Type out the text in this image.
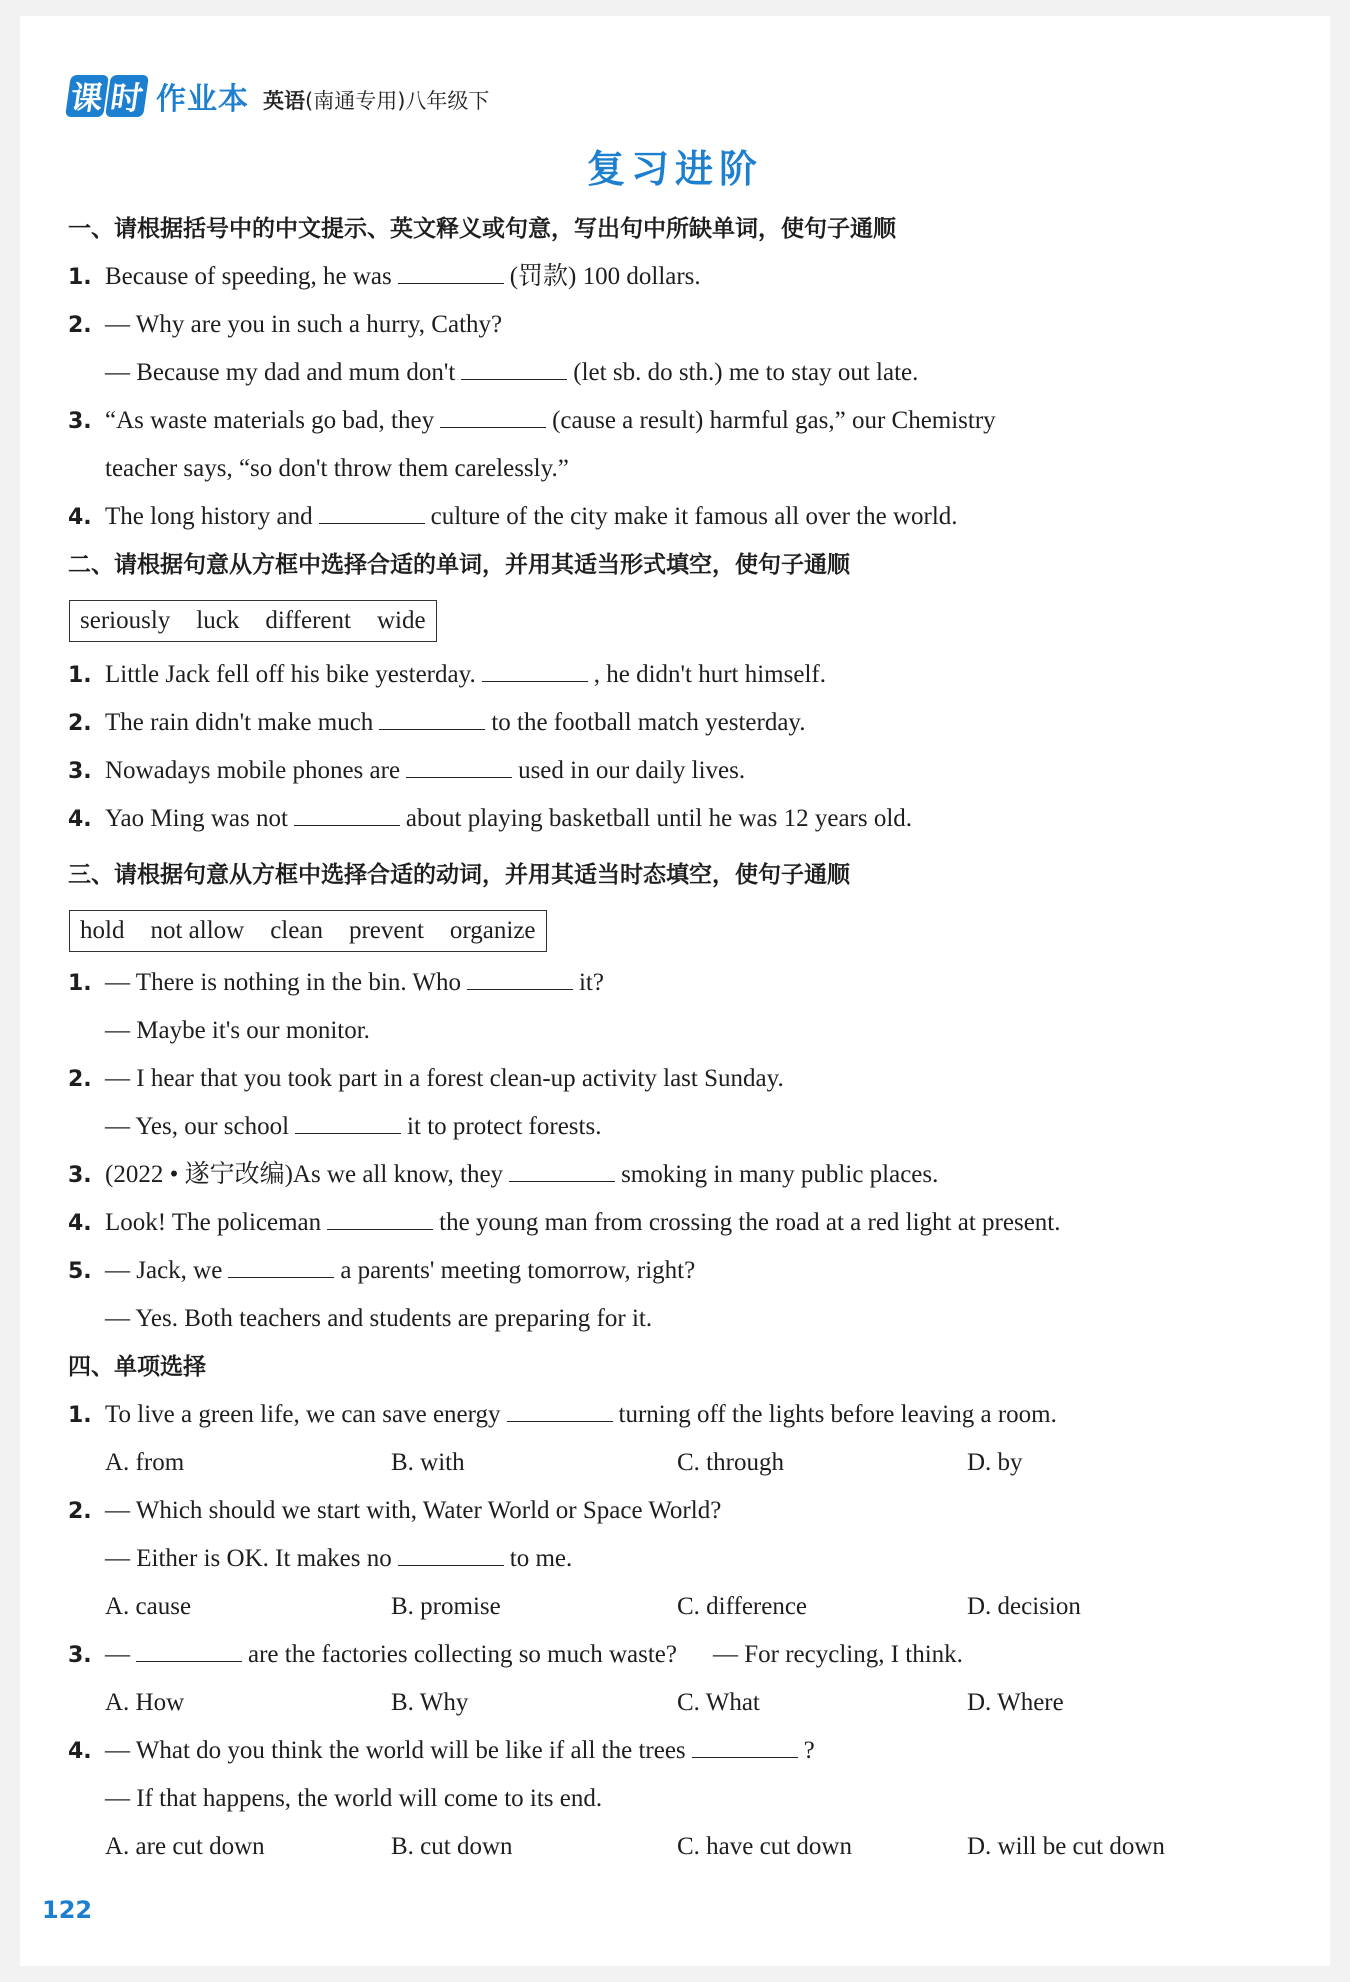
课 时 作业本 英语(南通专用)八年级下
复习进阶
一、请根据括号中的中文提示、英文释义或句意，写出句中所缺单词，使句子通顺
1. Because of speeding, he was	(罚款) 100 dollars.
2. — Why are you in such a hurry, Cathy?
— Because my dad and mum don't	(let sb. do sth.) me to stay out late.
3. “As waste materials go bad, they	(cause a result) harmful gas,” our Chemistry
teacher says, “so don't throw them carelessly.”
4. The long history and	culture of the city make it famous all over the world.
二、请根据句意从方框中选择合适的单词，并用其适当形式填空，使句子通顺
seriously luck different wide
1. Little Jack fell off his bike yesterday.	, he didn't hurt himself.
2. The rain didn't make much	to the football match yesterday.
3. Nowadays mobile phones are	used in our daily lives.
4. Yao Ming was not	about playing basketball until he was 12 years old.
三、请根据句意从方框中选择合适的动词，并用其适当时态填空，使句子通顺
hold not allow clean prevent organize
1. — There is nothing in the bin. Who	it?
— Maybe it's our monitor.
2. — I hear that you took part in a forest clean-up activity last Sunday.
— Yes, our school	it to protect forests.
3. (2022 • 遂宁改编)As we all know, they	smoking in many public places.
4. Look! The policeman	the young man from crossing the road at a red light at present.
5. — Jack, we	a parents' meeting tomorrow, right?
— Yes. Both teachers and students are preparing for it.
四、单项选择
1. To live a green life, we can save energy	turning off the lights before leaving a room.
A. from	B. with	C. through	D. by
2. — Which should we start with, Water World or Space World?
— Either is OK. It makes no	to me.
A. cause	B. promise	C. difference	D. decision
3. —	are the factories collecting so much waste? — For recycling, I think.
A. How	B. Why	C. What	D. Where
4. — What do you think the world will be like if all the trees	?
— If that happens, the world will come to its end.
A. are cut down	B. cut down	C. have cut down	D. will be cut down
122
